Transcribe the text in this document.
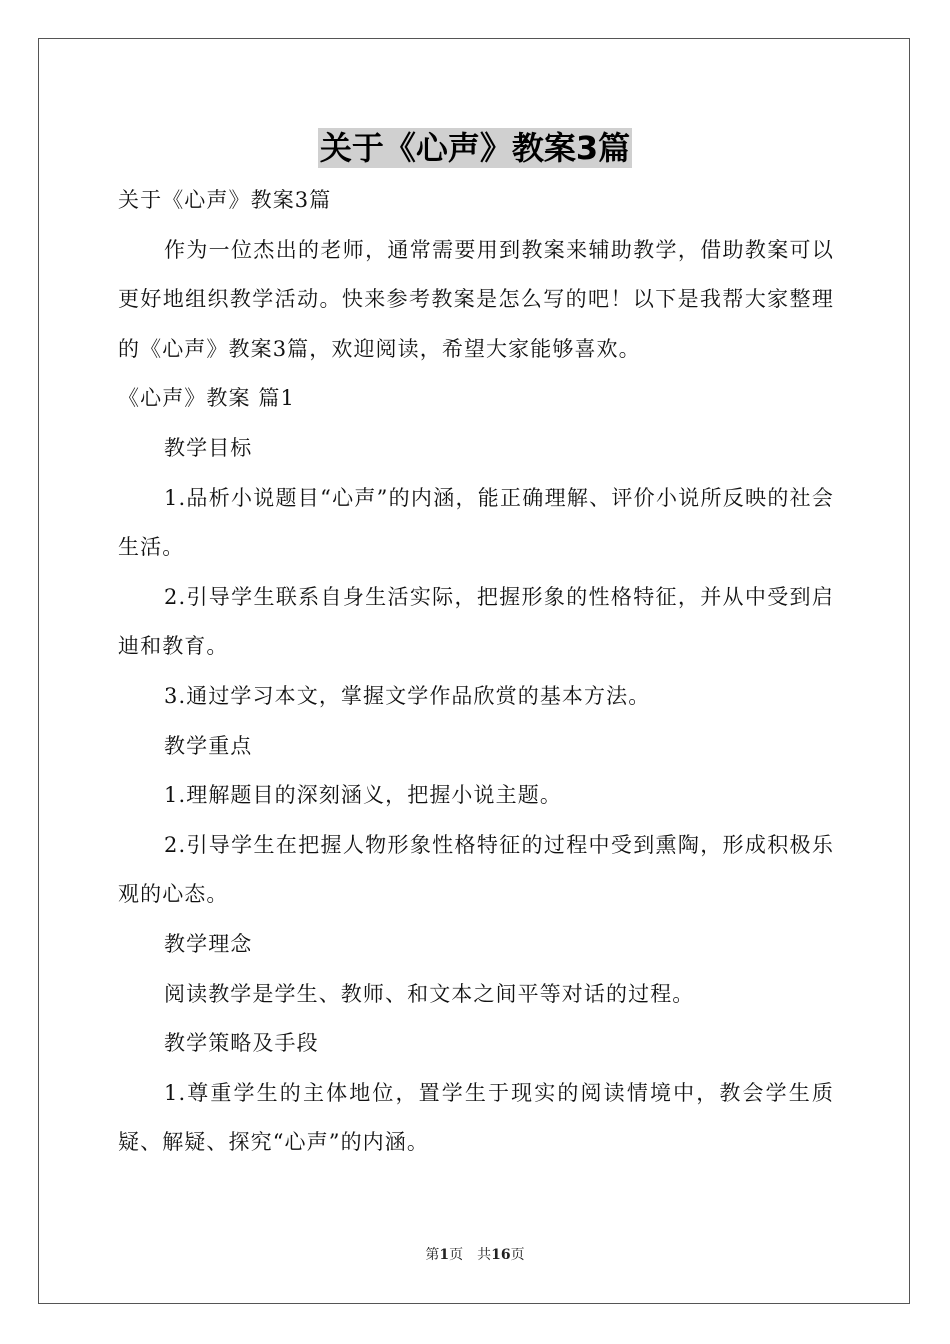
关于《心声》教案3篇

关于《心声》教案3篇

作为一位杰出的老师，通常需要用到教案来辅助教学，借助教案可以更好地组织教学活动。快来参考教案是怎么写的吧！以下是我帮大家整理的《心声》教案3篇，欢迎阅读，希望大家能够喜欢。

《心声》教案 篇1

教学目标

1.品析小说题目“心声”的内涵，能正确理解、评价小说所反映的社会生活。

2.引导学生联系自身生活实际，把握形象的性格特征，并从中受到启迪和教育。

3.通过学习本文，掌握文学作品欣赏的基本方法。

教学重点

1.理解题目的深刻涵义，把握小说主题。

2.引导学生在把握人物形象性格特征的过程中受到熏陶，形成积极乐观的心态。

教学理念

阅读教学是学生、教师、和文本之间平等对话的过程。

教学策略及手段

1.尊重学生的主体地位，置学生于现实的阅读情境中，教会学生质疑、解疑、探究“心声”的内涵。

第1页　共16页
